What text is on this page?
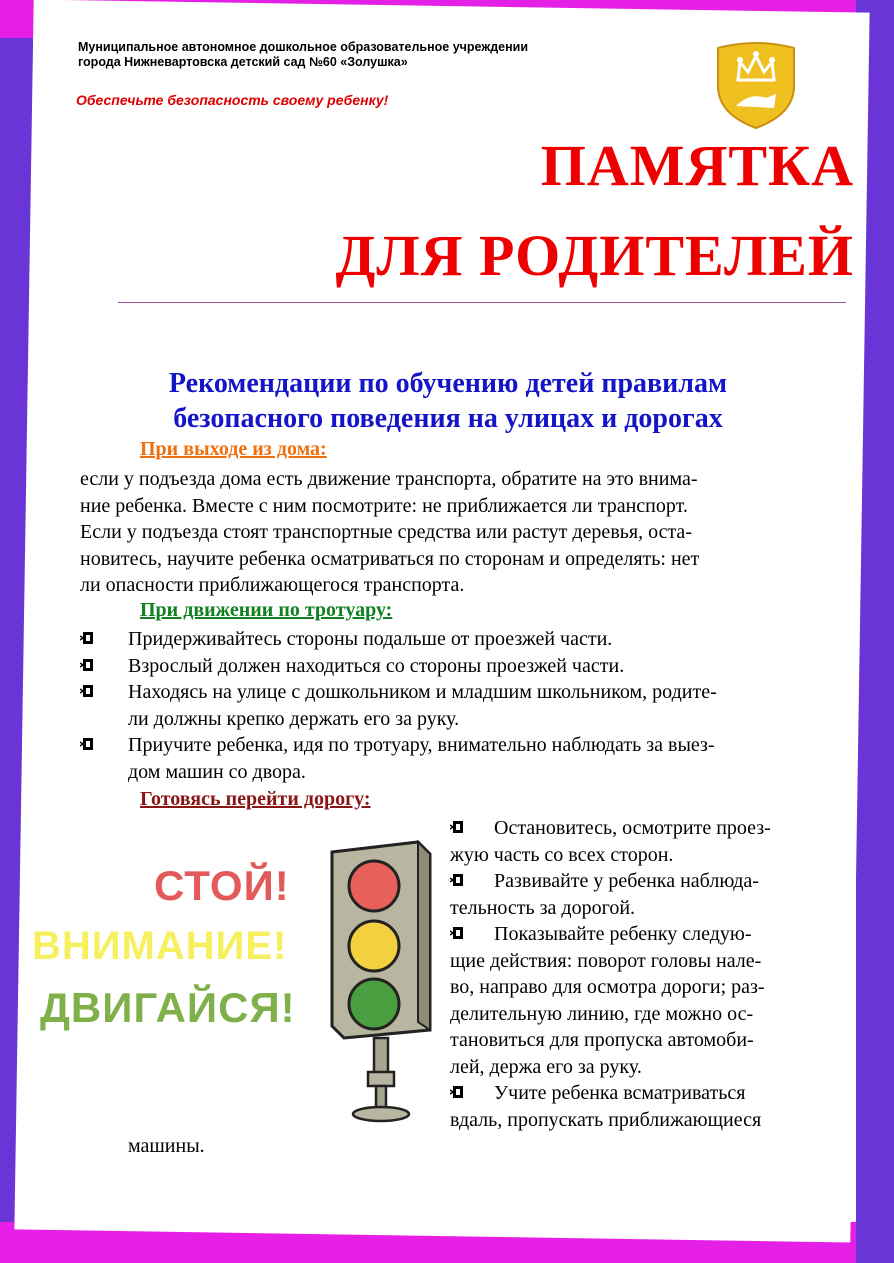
Муниципальное автономное дошкольное образовательное учреждении
города Нижневартовска детский сад №60 «Золушка»
Обеспечьте безопасность своему ребенку!
ПАМЯТКА
ДЛЯ РОДИТЕЛЕЙ
Рекомендации по обучению детей правилам
безопасного поведения на улицах и дорогах
При выходе из дома:
если у подъезда дома есть движение транспорта, обратите на это внима-
ние ребенка. Вместе с ним посмотрите: не приближается ли транспорт.
Если у подъезда стоят транспортные средства или растут деревья, оста-
новитесь, научите ребенка осматриваться по сторонам и определять: нет
ли опасности приближающегося транспорта.
При движении по тротуару:
Придерживайтесь стороны подальше от проезжей части.
Взрослый должен находиться со стороны проезжей части.
Находясь на улице с дошкольником и младшим школьником, родите-
ли должны крепко держать его за руку.
Приучите ребенка, идя по тротуару, внимательно наблюдать за выез-
дом машин со двора.
Готовясь перейти дорогу:
СТОЙ!
ВНИМАНИЕ!
ДВИГАЙСЯ!
Остановитесь, осмотрите проез-
жую часть со всех сторон.
Развивайте у ребенка наблюда-
тельность за дорогой.
Показывайте ребенку следую-
щие действия: поворот головы нале-
во, направо для осмотра дороги; раз-
делительную линию, где можно ос-
тановиться для пропуска автомоби-
лей, держа его за руку.
Учите ребенка всматриваться
вдаль, пропускать приближающиеся
машины.
